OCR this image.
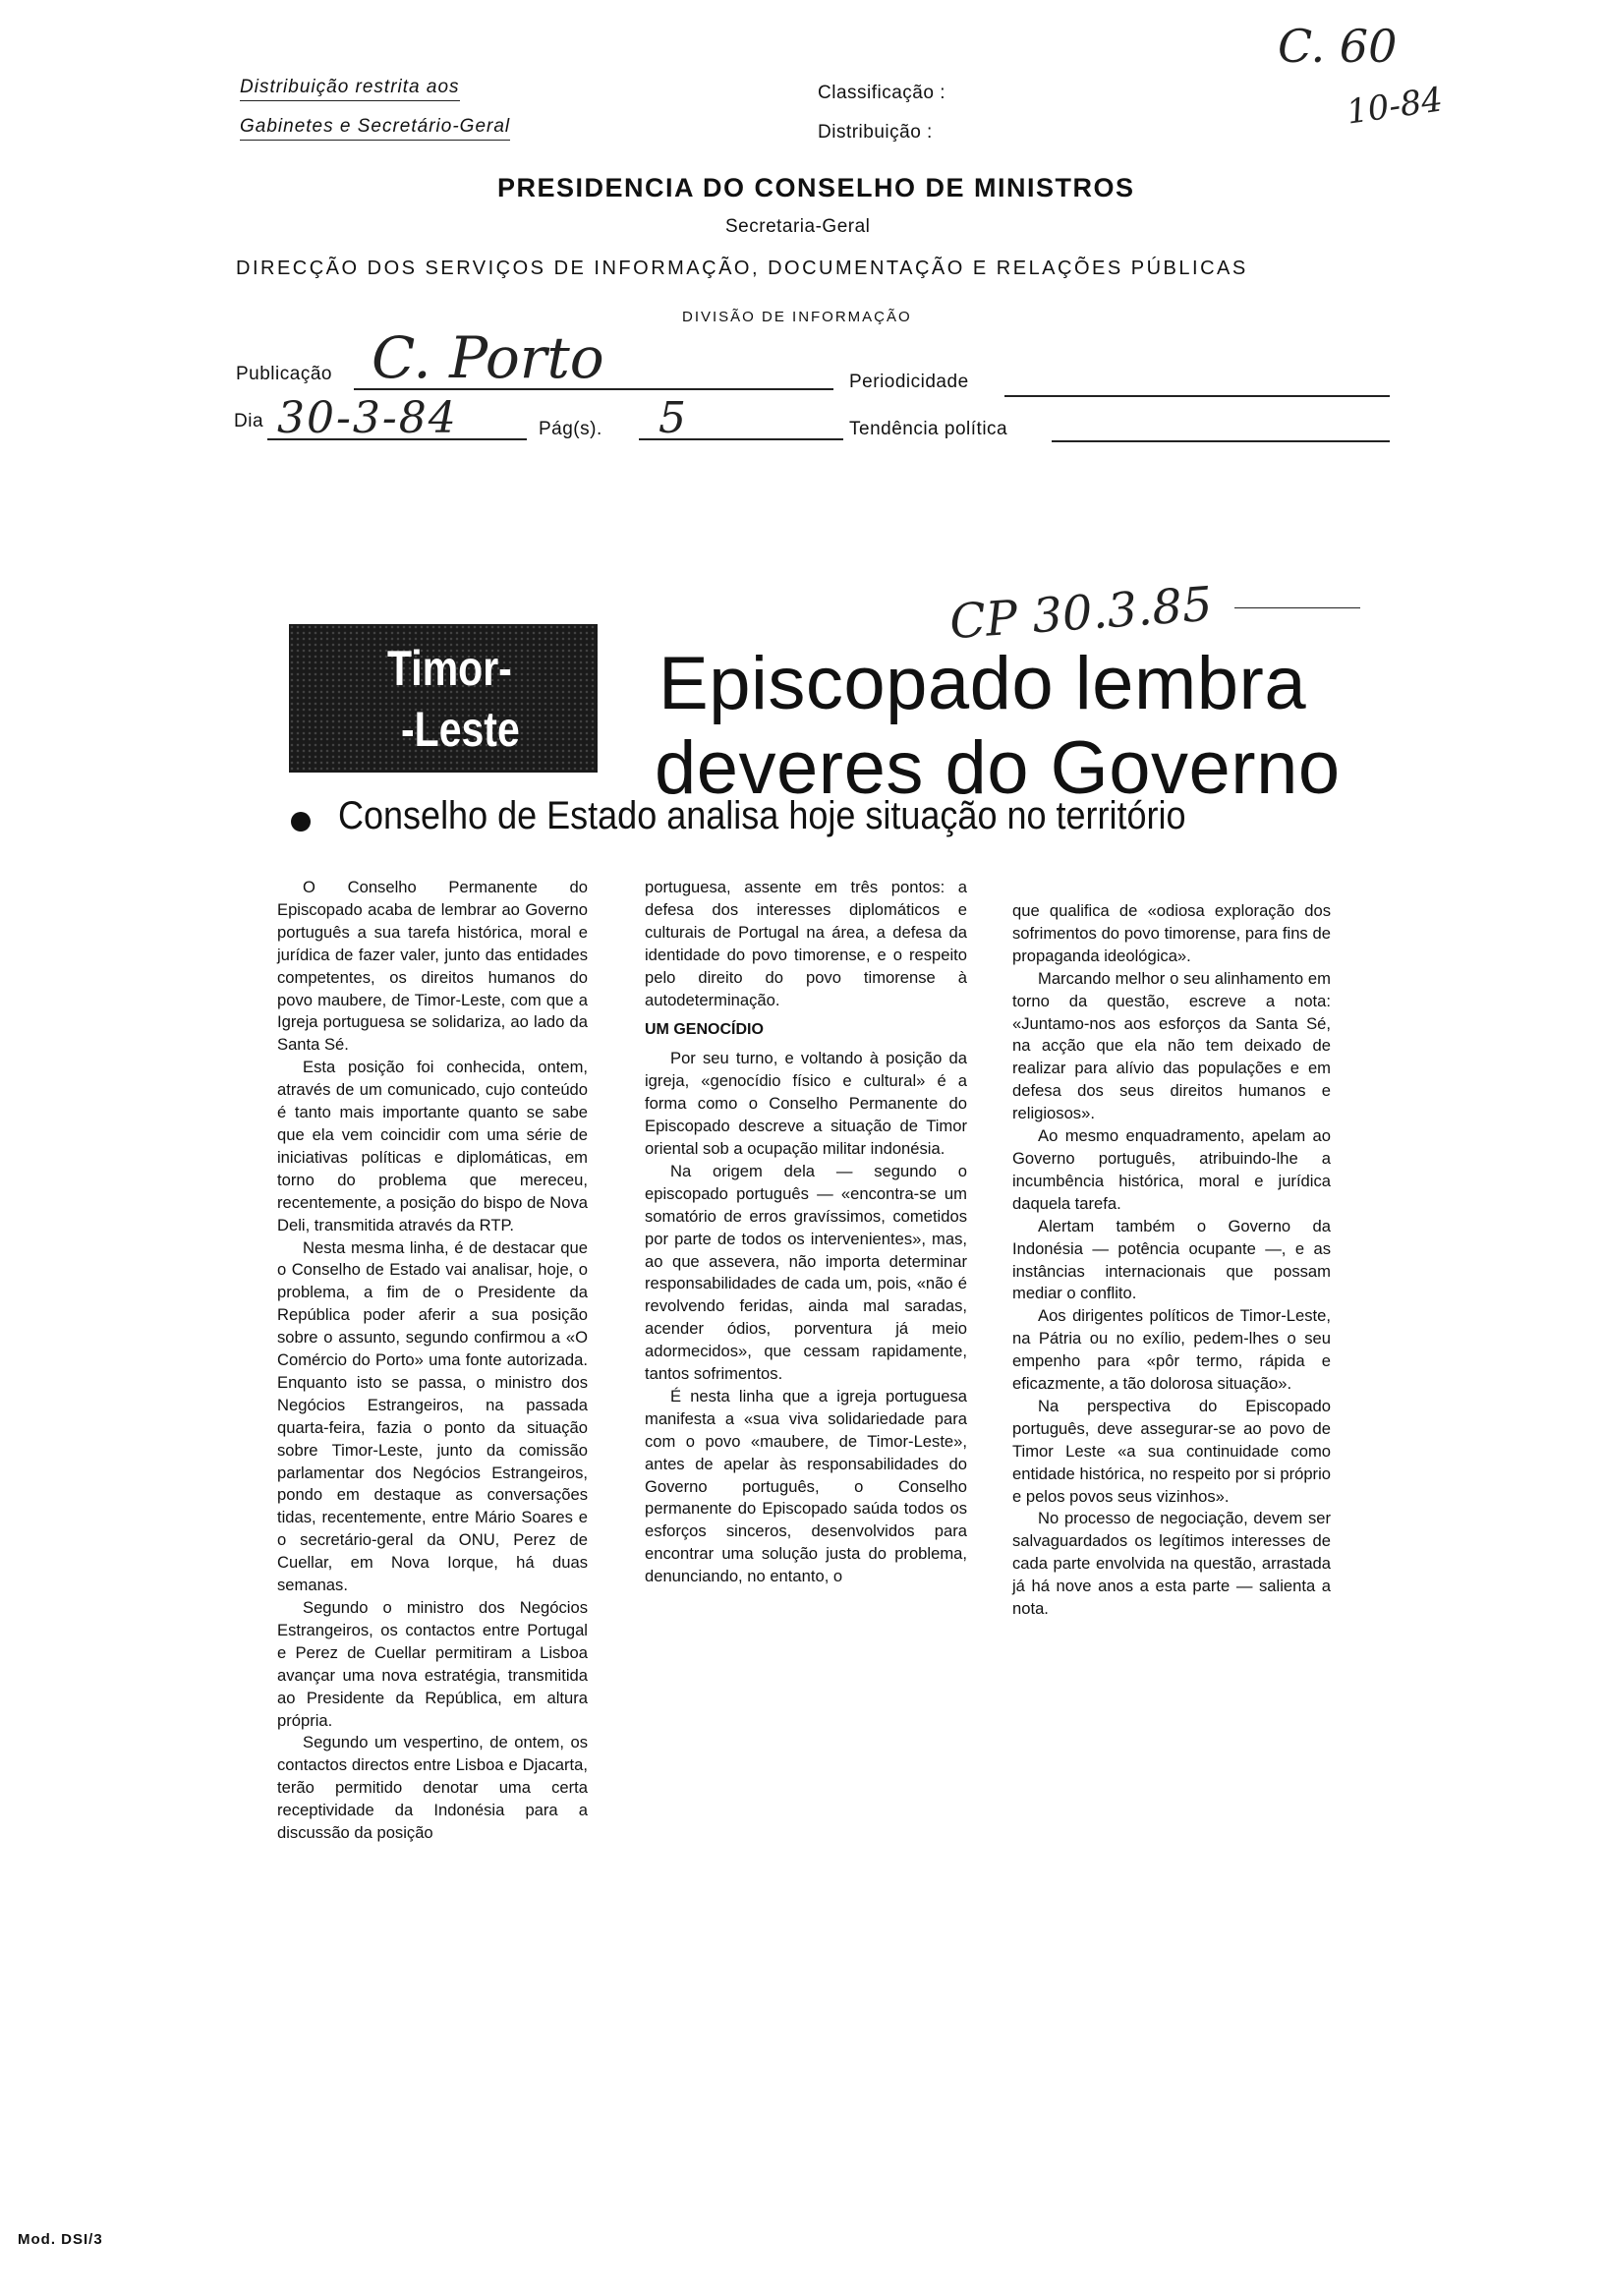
Distribuição restrita aos
Gabinetes e Secretário-Geral
Classificação :
Distribuição :
C. 60
10-84
PRESIDENCIA DO CONSELHO DE MINISTROS
Secretaria-Geral
DIRECÇÃO DOS SERVIÇOS DE INFORMAÇÃO, DOCUMENTAÇÃO E RELAÇÕES PÚBLICAS
DIVISÃO DE INFORMAÇÃO
Publicação C. Porto	Periodicidade
Dia 30-3-84	Pág(s). 5	Tendência política
CP 30.3.85
Timor-
-Leste
Episcopado lembra
deveres do Governo
Conselho de Estado analisa hoje situação no território

O Conselho Permanente do Episcopado acaba de lembrar ao Governo português a sua tarefa histórica, moral e jurídica de fazer valer, junto das entidades competentes, os direitos humanos do povo maubere, de Timor-Leste, com que a Igreja portuguesa se solidariza, ao lado da Santa Sé.

Esta posição foi conhecida, ontem, através de um comunicado, cujo conteúdo é tanto mais importante quanto se sabe que ela vem coincidir com uma série de iniciativas políticas e diplomáticas, em torno do problema que mereceu, recentemente, a posição do bispo de Nova Deli, transmitida através da RTP.

Nesta mesma linha, é de destacar que o Conselho de Estado vai analisar, hoje, o problema, a fim de o Presidente da República poder aferir a sua posição sobre o assunto, segundo confirmou a «O Comércio do Porto» uma fonte autorizada. Enquanto isto se passa, o ministro dos Negócios Estrangeiros, na passada quarta-feira, fazia o ponto da situação sobre Timor-Leste, junto da comissão parlamentar dos Negócios Estrangeiros, pondo em destaque as conversações tidas, recentemente, entre Mário Soares e o secretário-geral da ONU, Perez de Cuellar, em Nova Iorque, há duas semanas.

Segundo o ministro dos Negócios Estrangeiros, os contactos entre Portugal e Perez de Cuellar permitiram a Lisboa avançar uma nova estratégia, transmitida ao Presidente da República, em altura própria.

Segundo um vespertino, de ontem, os contactos directos entre Lisboa e Djacarta, terão permitido denotar uma certa receptividade da Indonésia para a discussão da posição

portuguesa, assente em três pontos: a defesa dos interesses diplomáticos e culturais de Portugal na área, a defesa da identidade do povo timorense, e o respeito pelo direito do povo timorense à autodeterminação.

UM GENOCÍDIO

Por seu turno, e voltando à posição da igreja, «genocídio físico e cultural» é a forma como o Conselho Permanente do Episcopado descreve a situação de Timor oriental sob a ocupação militar indonésia.

Na origem dela — segundo o episcopado português — «encontra-se um somatório de erros gravíssimos, cometidos por parte de todos os intervenientes», mas, ao que assevera, não importa determinar responsabilidades de cada um, pois, «não é revolvendo feridas, ainda mal saradas, acender ódios, porventura já meio adormecidos», que cessam rapidamente, tantos sofrimentos.

É nesta linha que a igreja portuguesa manifesta a «sua viva solidariedade para com o povo «maubere, de Timor-Leste», antes de apelar às responsabilidades do Governo português, o Conselho permanente do Episcopado saúda todos os esforços sinceros, desenvolvidos para encontrar uma solução justa do problema, denunciando, no entanto, o

que qualifica de «odiosa exploração dos sofrimentos do povo timorense, para fins de propaganda ideológica».

Marcando melhor o seu alinhamento em torno da questão, escreve a nota: «Juntamo-nos aos esforços da Santa Sé, na acção que ela não tem deixado de realizar para alívio das populações e em defesa dos seus direitos humanos e religiosos».

Ao mesmo enquadramento, apelam ao Governo português, atribuindo-lhe a incumbência histórica, moral e jurídica daquela tarefa.

Alertam também o Governo da Indonésia — potência ocupante —, e as instâncias internacionais que possam mediar o conflito.

Aos dirigentes políticos de Timor-Leste, na Pátria ou no exílio, pedem-lhes o seu empenho para «pôr termo, rápida e eficazmente, a tão dolorosa situação».

Na perspectiva do Episcopado português, deve assegurar-se ao povo de Timor Leste «a sua continuidade como entidade histórica, no respeito por si próprio e pelos povos seus vizinhos».

No processo de negociação, devem ser salvaguardados os legítimos interesses de cada parte envolvida na questão, arrastada já há nove anos a esta parte — salienta a nota.

Mod. DSI/3
